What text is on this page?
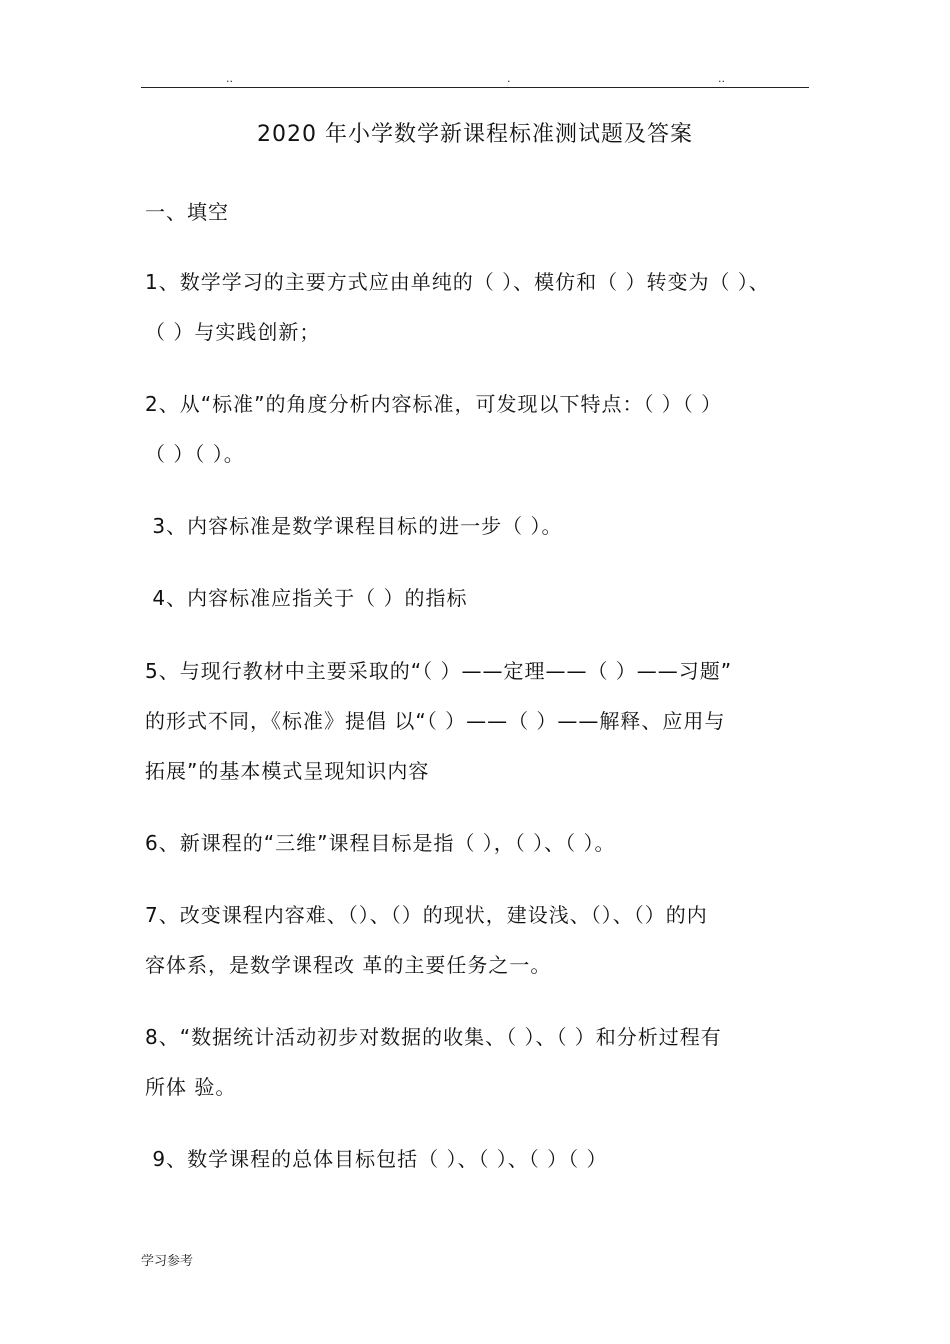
..	.	..
2020 年小学数学新课程标准测试题及答案
一、填空
1、数学学习的主要方式应由单纯的（ ）、模仿和（ ）转变为（ ）、
（ ）与实践创新；
2、从“标准”的角度分析内容标准，可发现以下特点：（ ）（ ）
（ ）（ ）。
3、内容标准是数学课程目标的进一步（ ）。
4、内容标准应指关于（ ）的指标
5、与现行教材中主要采取的“（ ）——定理——（ ）——习题”
的形式不同，《标准》提倡 以“（ ）——（ ）——解释、应用与
拓展”的基本模式呈现知识内容
6、新课程的“三维”课程目标是指（ ），（ ）、（ ）。
7、改变课程内容难、（）、（）的现状，建设浅、（）、（）的内
容体系，是数学课程改 革的主要任务之一。
8、“数据统计活动初步对数据的收集、（ ）、（ ）和分析过程有
所体 验。
9、数学课程的总体目标包括（ ）、（ ）、（ ）（ ）
学习参考
